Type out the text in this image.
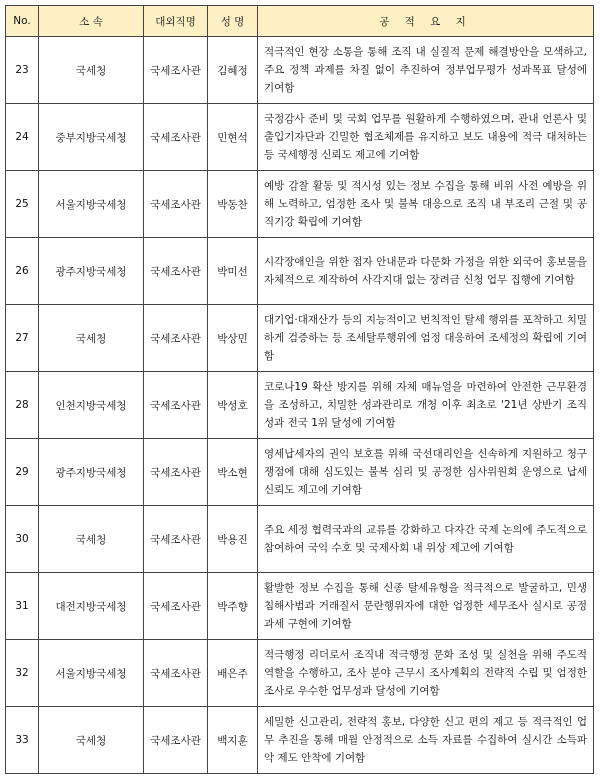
No.	소 속	대외직명	성 명	공 적 요 지
23	국세청	국세조사관	김혜정	적극적인 현장 소통을 통해 조직 내 실질적 문제 해결방안을 모색하고, 주요 정책 과제를 차질 없이 추진하여 정부업무평가 성과목표 달성에 기여함
24	중부지방국세청	국세조사관	민현석	국정감사 준비 및 국회 업무를 원활하게 수행하였으며, 관내 언론사 및 출입기자단과 긴밀한 협조체제를 유지하고 보도 내용에 적극 대처하는 등 국세행정 신뢰도 제고에 기여함
25	서울지방국세청	국세조사관	박동찬	예방 감찰 활동 및 적시성 있는 정보 수집을 통해 비위 사전 예방을 위해 노력하고, 엄정한 조사 및 불복 대응으로 조직 내 부조리 근절 및 공직기강 확립에 기여함
26	광주지방국세청	국세조사관	박미선	시각장애인을 위한 점자 안내문과 다문화 가정을 위한 외국어 홍보물을 자체적으로 제작하여 사각지대 없는 장려금 신청 업무 집행에 기여함
27	국세청	국세조사관	박상민	대기업·대재산가 등의 지능적이고 번칙적인 탈세 행위를 포착하고 치밀하게 검증하는 등 조세탈루행위에 엄정 대응하여 조세정의 확립에 기여함
28	인천지방국세청	국세조사관	박성호	코로나19 확산 방지를 위해 자체 매뉴얼을 마련하여 안전한 근무환경을 조성하고, 치밀한 성과관리로 개청 이후 최초로 '21년 상반기 조직성과 전국 1위 달성에 기여함
29	광주지방국세청	국세조사관	박소현	영세납세자의 권익 보호를 위해 국선대리인을 신속하게 지원하고 청구 쟁점에 대해 심도있는 불복 심리 및 공정한 심사위원회 운영으로 납세신뢰도 제고에 기여함
30	국세청	국세조사관	박용진	주요 세정 협력국과의 교류를 강화하고 다자간 국제 논의에 주도적으로 참여하여 국익 수호 및 국제사회 내 위상 제고에 기여함
31	대전지방국세청	국세조사관	박주향	활발한 정보 수집을 통해 신종 탈세유형을 적극적으로 발굴하고, 민생침해사범과 거래질서 문란행위자에 대한 엄정한 세무조사 실시로 공정과세 구현에 기여함
32	서울지방국세청	국세조사관	배은주	적극행정 리더로서 조직내 적극행정 문화 조성 및 실천을 위해 주도적 역할을 수행하고, 조사 분야 근무시 조사계획의 전략적 수립 및 엄정한 조사로 우수한 업무성과 달성에 기여함
33	국세청	국세조사관	백지훈	세밀한 신고관리, 전략적 홍보, 다양한 신고 편의 제고 등 적극적인 업무 추진을 통해 매월 안정적으로 소득 자료를 수집하여 실시간 소득파악 제도 안착에 기여함
